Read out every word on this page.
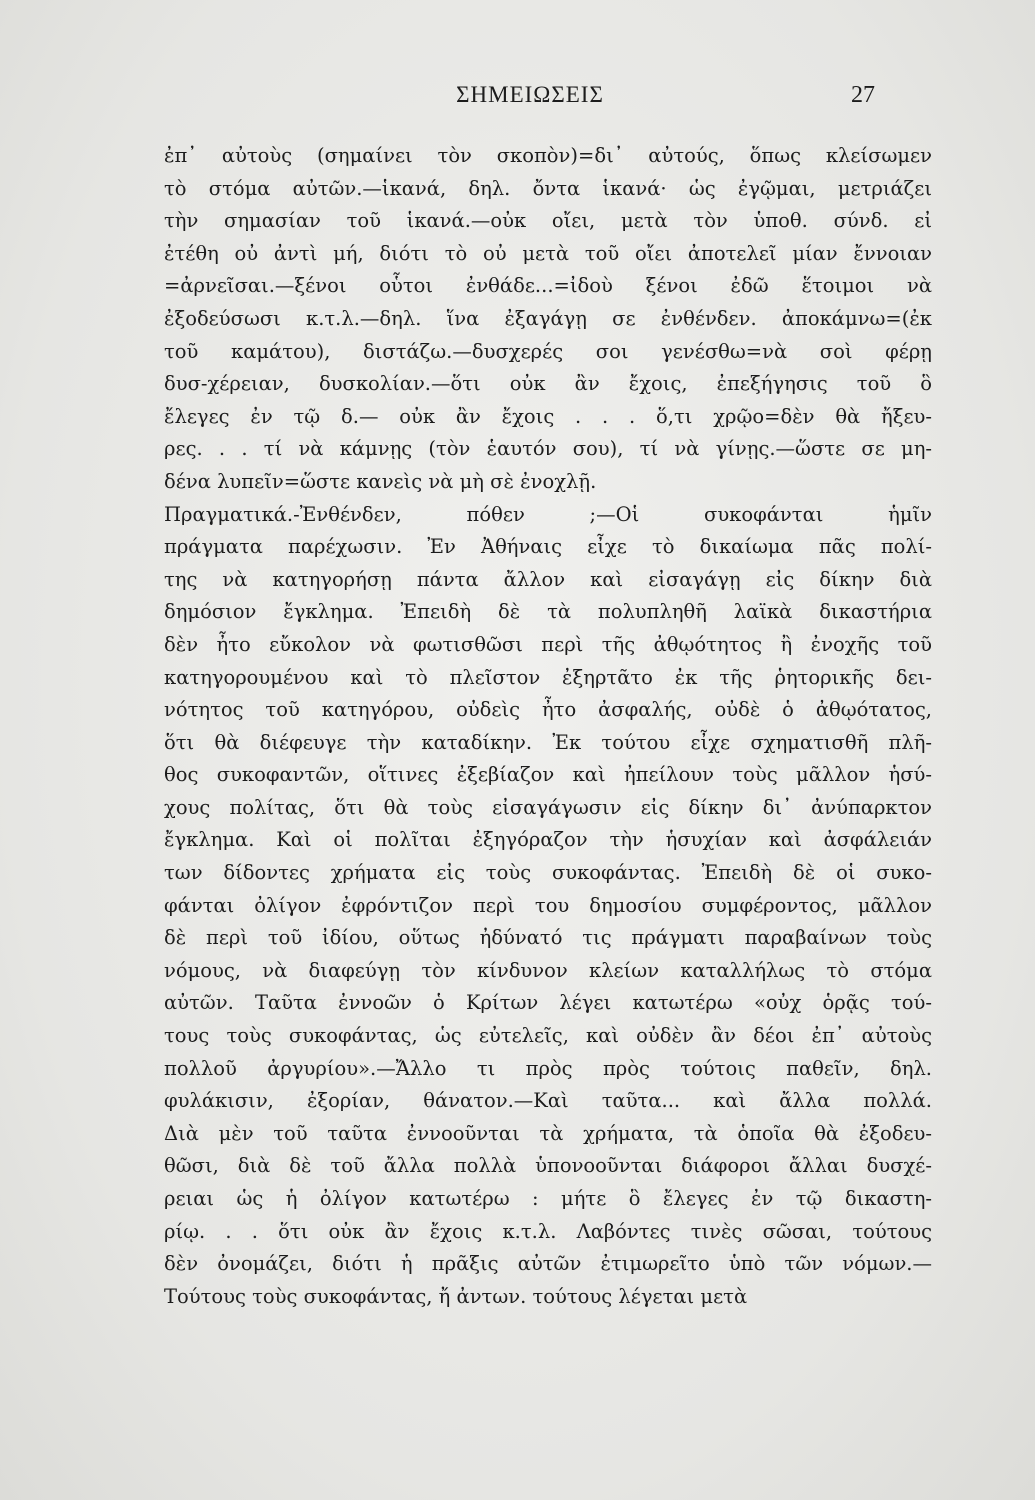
ΣΗΜΕΙΩΣΕΙΣ	27
ἐπ᾿ αὐτοὺς (σημαίνει τὸν σκοπὸν)=δι᾿ αὐτούς, ὅπως κλείσωμεν
τὸ στόμα αὐτῶν.—ἱκανά, δηλ. ὄντα ἱκανά· ὡς ἐγῷμαι, μετριάζει
τὴν σημασίαν τοῦ ἱκανά.—οὐκ οἴει, μετὰ τὸν ὑποθ. σύνδ. εἰ
ἐτέθη οὐ ἀντὶ μή, διότι τὸ οὐ μετὰ τοῦ οἴει ἀποτελεῖ μίαν ἔννοιαν
=ἀρνεῖσαι.—ξένοι οὗτοι ἐνθάδε...=ἰδοὺ ξένοι ἐδῶ ἕτοιμοι νὰ
ἐξοδεύσωσι κ.τ.λ.—δηλ. ἵνα ἐξαγάγῃ σε ἐνθένδεν. ἀποκάμνω=(ἐκ
τοῦ καμάτου), διστάζω.—δυσχερές σοι γενέσθω=νὰ σοὶ φέρῃ
δυσ-χέρειαν, δυσκολίαν.—ὅτι οὐκ ἂν ἔχοις, ἐπεξήγησις τοῦ ὃ
ἔλεγες ἐν τῷ δ.— οὐκ ἂν ἔχοις . . . ὅ,τι χρῷο=δὲν θὰ ἤξευ-
ρες. . . τί νὰ κάμνῃς (τὸν ἑαυτόν σου), τί νὰ γίνῃς.—ὥστε σε μη-
δένα λυπεῖν=ὥστε κανεὶς νὰ μὴ σὲ ἐνοχλῇ.
Πραγματικά.-Ἐνθένδεν, πόθεν ;—Οἱ συκοφάνται ἡμῖν
πράγματα παρέχωσιν. Ἐν Ἀθήναις εἶχε τὸ δικαίωμα πᾶς πολί-
της νὰ κατηγορήσῃ πάντα ἄλλον καὶ εἰσαγάγῃ εἰς δίκην διὰ
δημόσιον ἔγκλημα. Ἐπειδὴ δὲ τὰ πολυπληθῆ λαϊκὰ δικαστήρια
δὲν ἦτο εὔκολον νὰ φωτισθῶσι περὶ τῆς ἀθῳότητος ἢ ἐνοχῆς τοῦ
κατηγορουμένου καὶ τὸ πλεῖστον ἐξηρτᾶτο ἐκ τῆς ῥητορικῆς δει-
νότητος τοῦ κατηγόρου, οὐδεὶς ἦτο ἀσφαλής, οὐδὲ ὁ ἀθῳότατος,
ὅτι θὰ διέφευγε τὴν καταδίκην. Ἐκ τούτου εἶχε σχηματισθῆ πλῆ-
θος συκοφαντῶν, οἵτινες ἐξεβίαζον καὶ ἠπείλουν τοὺς μᾶλλον ἡσύ-
χους πολίτας, ὅτι θὰ τοὺς εἰσαγάγωσιν εἰς δίκην δι᾿ ἀνύπαρκτον
ἔγκλημα. Καὶ οἱ πολῖται ἐξηγόραζον τὴν ἡσυχίαν καὶ ἀσφάλειάν
των δίδοντες χρήματα εἰς τοὺς συκοφάντας. Ἐπειδὴ δὲ οἱ συκο-
φάνται ὀλίγον ἐφρόντιζον περὶ του δημοσίου συμφέροντος, μᾶλλον
δὲ περὶ τοῦ ἰδίου, οὕτως ἠδύνατό τις πράγματι παραβαίνων τοὺς
νόμους, νὰ διαφεύγῃ τὸν κίνδυνον κλείων καταλλήλως τὸ στόμα
αὐτῶν. Ταῦτα ἐννοῶν ὁ Κρίτων λέγει κατωτέρω «οὐχ ὁρᾷς τού-
τους τοὺς συκοφάντας, ὡς εὐτελεῖς, καὶ οὐδὲν ἂν δέοι ἐπ᾿ αὐτοὺς
πολλοῦ ἀργυρίου».—Ἄλλο τι πρὸς πρὸς τούτοις παθεῖν, δηλ.
φυλάκισιν, ἐξορίαν, θάνατον.—Καὶ ταῦτα... καὶ ἄλλα πολλά.
Διὰ μὲν τοῦ ταῦτα ἐννοοῦνται τὰ χρήματα, τὰ ὁποῖα θὰ ἐξοδευ-
θῶσι, διὰ δὲ τοῦ ἄλλα πολλὰ ὑπονοοῦνται διάφοροι ἄλλαι δυσχέ-
ρειαι ὡς ἡ ὀλίγον κατωτέρω : μήτε ὃ ἔλεγες ἐν τῷ δικαστη-
ρίῳ. . . ὅτι οὐκ ἂν ἔχοις κ.τ.λ. Λαβόντες τινὲς σῶσαι, τούτους
δὲν ὀνομάζει, διότι ἡ πρᾶξις αὐτῶν ἐτιμωρεῖτο ὑπὸ τῶν νόμων.—
Τούτους τοὺς συκοφάντας, ἤ ἀντων. τούτους λέγεται μετὰ
